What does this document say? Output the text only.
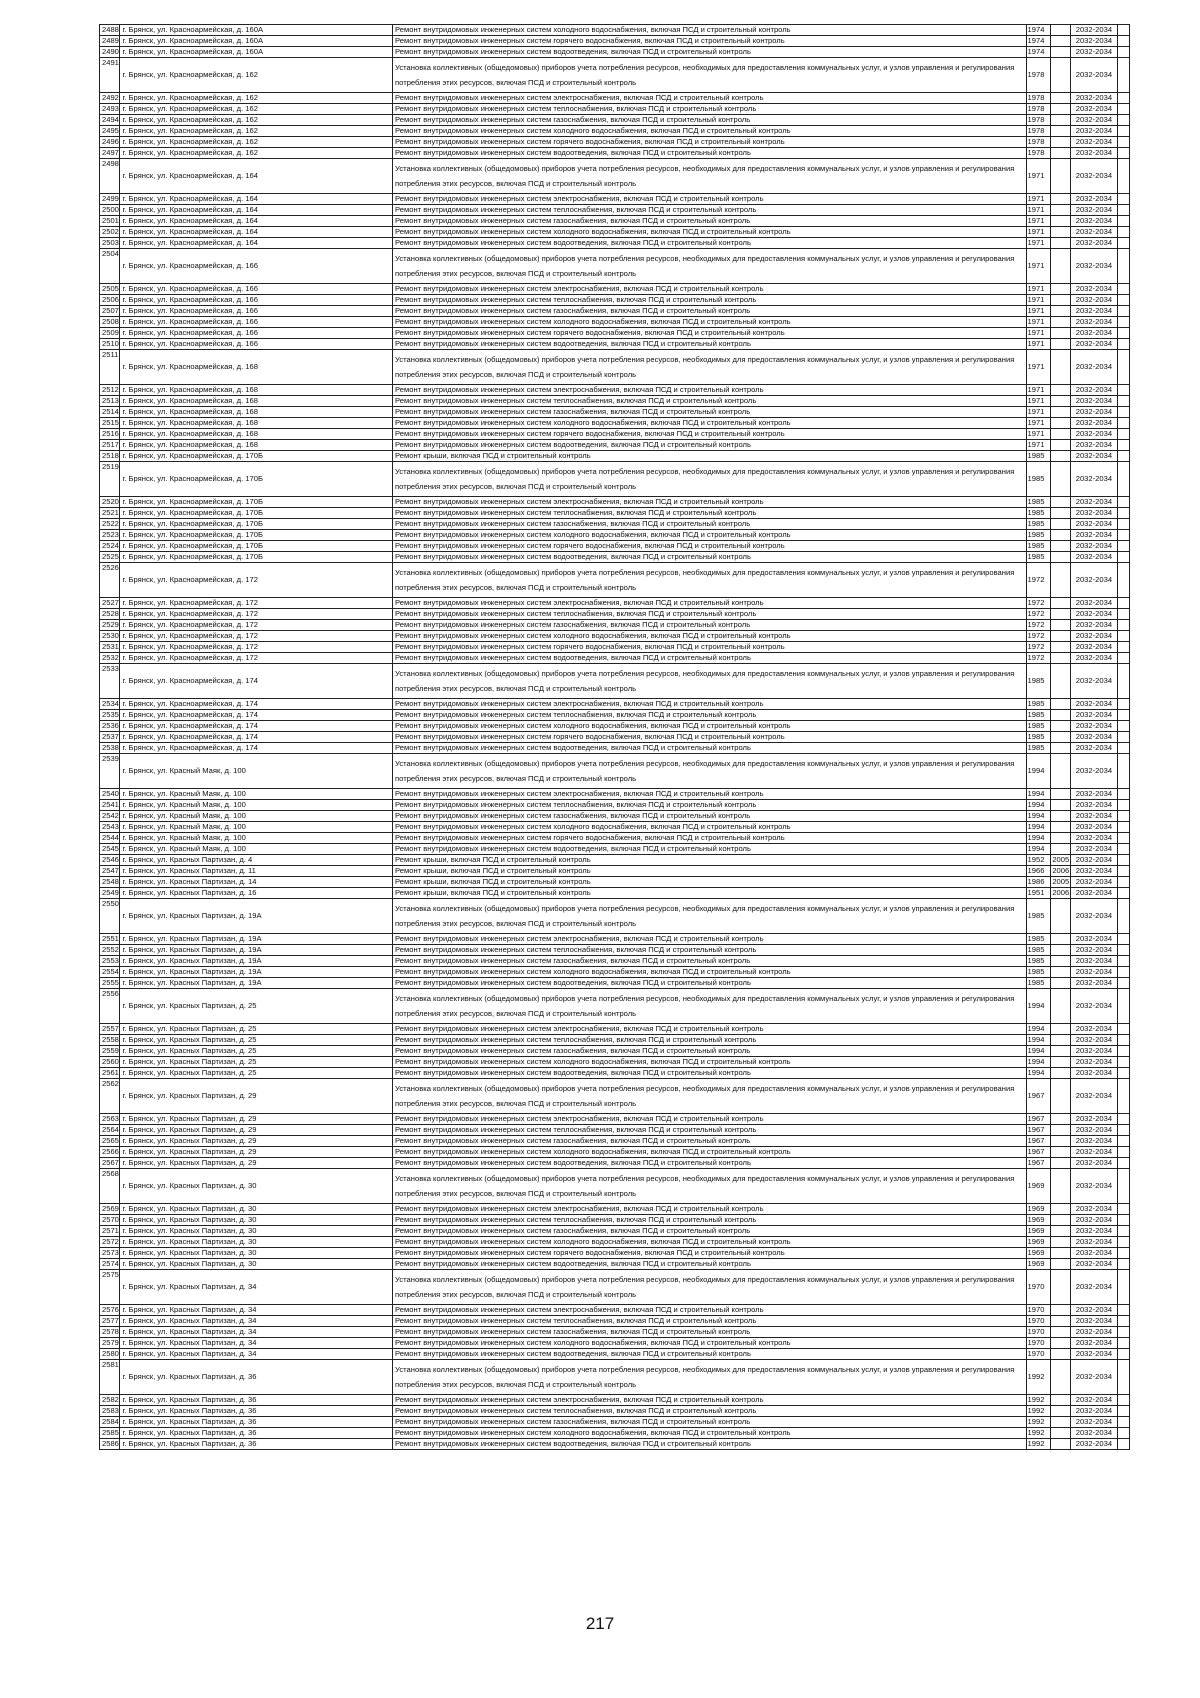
2488	г. Брянск, ул. Красноармейская, д. 160А	Ремонт внутридомовых инженерных систем холодного водоснабжения, включая ПСД и строительный контроль	1974		2032-2034	
2489	г. Брянск, ул. Красноармейская, д. 160А	Ремонт внутридомовых инженерных систем горячего водоснабжения, включая ПСД и строительный контроль	1974		2032-2034	
2490	г. Брянск, ул. Красноармейская, д. 160А	Ремонт внутридомовых инженерных систем водоотведения, включая ПСД и строительный контроль	1974		2032-2034	
2491	г. Брянск, ул. Красноармейская, д. 162	Установка коллективных (общедомовых) приборов учета потребления ресурсов, необходимых для предоставления коммунальных услуг, и узлов управления и регулирования потребления этих ресурсов, включая ПСД и строительный контроль	1978		2032-2034	
2492	г. Брянск, ул. Красноармейская, д. 162	Ремонт внутридомовых инженерных систем электроснабжения, включая ПСД и строительный контроль	1978		2032-2034	
2493	г. Брянск, ул. Красноармейская, д. 162	Ремонт внутридомовых инженерных систем теплоснабжения, включая ПСД и строительный контроль	1978		2032-2034	
2494	г. Брянск, ул. Красноармейская, д. 162	Ремонт внутридомовых инженерных систем газоснабжения, включая ПСД и строительный контроль	1978		2032-2034	
2495	г. Брянск, ул. Красноармейская, д. 162	Ремонт внутридомовых инженерных систем холодного водоснабжения, включая ПСД и строительный контроль	1978		2032-2034	
2496	г. Брянск, ул. Красноармейская, д. 162	Ремонт внутридомовых инженерных систем горячего водоснабжения, включая ПСД и строительный контроль	1978		2032-2034	
2497	г. Брянск, ул. Красноармейская, д. 162	Ремонт внутридомовых инженерных систем водоотведения, включая ПСД и строительный контроль	1978		2032-2034	
2498	г. Брянск, ул. Красноармейская, д. 164	Установка коллективных (общедомовых) приборов учета потребления ресурсов, необходимых для предоставления коммунальных услуг, и узлов управления и регулирования потребления этих ресурсов, включая ПСД и строительный контроль	1971		2032-2034	
2499	г. Брянск, ул. Красноармейская, д. 164	Ремонт внутридомовых инженерных систем электроснабжения, включая ПСД и строительный контроль	1971		2032-2034	
2500	г. Брянск, ул. Красноармейская, д. 164	Ремонт внутридомовых инженерных систем теплоснабжения, включая ПСД и строительный контроль	1971		2032-2034	
2501	г. Брянск, ул. Красноармейская, д. 164	Ремонт внутридомовых инженерных систем газоснабжения, включая ПСД и строительный контроль	1971		2032-2034	
2502	г. Брянск, ул. Красноармейская, д. 164	Ремонт внутридомовых инженерных систем холодного водоснабжения, включая ПСД и строительный контроль	1971		2032-2034	
2503	г. Брянск, ул. Красноармейская, д. 164	Ремонт внутридомовых инженерных систем водоотведения, включая ПСД и строительный контроль	1971		2032-2034	
2504	г. Брянск, ул. Красноармейская, д. 166	Установка коллективных (общедомовых) приборов учета потребления ресурсов, необходимых для предоставления коммунальных услуг, и узлов управления и регулирования потребления этих ресурсов, включая ПСД и строительный контроль	1971		2032-2034	
2505	г. Брянск, ул. Красноармейская, д. 166	Ремонт внутридомовых инженерных систем электроснабжения, включая ПСД и строительный контроль	1971		2032-2034	
2506	г. Брянск, ул. Красноармейская, д. 166	Ремонт внутридомовых инженерных систем теплоснабжения, включая ПСД и строительный контроль	1971		2032-2034	
2507	г. Брянск, ул. Красноармейская, д. 166	Ремонт внутридомовых инженерных систем газоснабжения, включая ПСД и строительный контроль	1971		2032-2034	
2508	г. Брянск, ул. Красноармейская, д. 166	Ремонт внутридомовых инженерных систем холодного водоснабжения, включая ПСД и строительный контроль	1971		2032-2034	
2509	г. Брянск, ул. Красноармейская, д. 166	Ремонт внутридомовых инженерных систем горячего водоснабжения, включая ПСД и строительный контроль	1971		2032-2034	
2510	г. Брянск, ул. Красноармейская, д. 166	Ремонт внутридомовых инженерных систем водоотведения, включая ПСД и строительный контроль	1971		2032-2034	
2511	г. Брянск, ул. Красноармейская, д. 168	Установка коллективных (общедомовых) приборов учета потребления ресурсов, необходимых для предоставления коммунальных услуг, и узлов управления и регулирования потребления этих ресурсов, включая ПСД и строительный контроль	1971		2032-2034	
2512	г. Брянск, ул. Красноармейская, д. 168	Ремонт внутридомовых инженерных систем электроснабжения, включая ПСД и строительный контроль	1971		2032-2034	
2513	г. Брянск, ул. Красноармейская, д. 168	Ремонт внутридомовых инженерных систем теплоснабжения, включая ПСД и строительный контроль	1971		2032-2034	
2514	г. Брянск, ул. Красноармейская, д. 168	Ремонт внутридомовых инженерных систем газоснабжения, включая ПСД и строительный контроль	1971		2032-2034	
2515	г. Брянск, ул. Красноармейская, д. 168	Ремонт внутридомовых инженерных систем холодного водоснабжения, включая ПСД и строительный контроль	1971		2032-2034	
2516	г. Брянск, ул. Красноармейская, д. 168	Ремонт внутридомовых инженерных систем горячего водоснабжения, включая ПСД и строительный контроль	1971		2032-2034	
2517	г. Брянск, ул. Красноармейская, д. 168	Ремонт внутридомовых инженерных систем водоотведения, включая ПСД и строительный контроль	1971		2032-2034	
2518	г. Брянск, ул. Красноармейская, д. 170Б	Ремонт крыши, включая ПСД и строительный контроль	1985		2032-2034	
2519	г. Брянск, ул. Красноармейская, д. 170Б	Установка коллективных (общедомовых) приборов учета потребления ресурсов, необходимых для предоставления коммунальных услуг, и узлов управления и регулирования потребления этих ресурсов, включая ПСД и строительный контроль	1985		2032-2034	
2520	г. Брянск, ул. Красноармейская, д. 170Б	Ремонт внутридомовых инженерных систем электроснабжения, включая ПСД и строительный контроль	1985		2032-2034	
2521	г. Брянск, ул. Красноармейская, д. 170Б	Ремонт внутридомовых инженерных систем теплоснабжения, включая ПСД и строительный контроль	1985		2032-2034	
2522	г. Брянск, ул. Красноармейская, д. 170Б	Ремонт внутридомовых инженерных систем газоснабжения, включая ПСД и строительный контроль	1985		2032-2034	
2523	г. Брянск, ул. Красноармейская, д. 170Б	Ремонт внутридомовых инженерных систем холодного водоснабжения, включая ПСД и строительный контроль	1985		2032-2034	
2524	г. Брянск, ул. Красноармейская, д. 170Б	Ремонт внутридомовых инженерных систем горячего водоснабжения, включая ПСД и строительный контроль	1985		2032-2034	
2525	г. Брянск, ул. Красноармейская, д. 170Б	Ремонт внутридомовых инженерных систем водоотведения, включая ПСД и строительный контроль	1985		2032-2034	
2526	г. Брянск, ул. Красноармейская, д. 172	Установка коллективных (общедомовых) приборов учета потребления ресурсов, необходимых для предоставления коммунальных услуг, и узлов управления и регулирования потребления этих ресурсов, включая ПСД и строительный контроль	1972		2032-2034	
2527	г. Брянск, ул. Красноармейская, д. 172	Ремонт внутридомовых инженерных систем электроснабжения, включая ПСД и строительный контроль	1972		2032-2034	
2528	г. Брянск, ул. Красноармейская, д. 172	Ремонт внутридомовых инженерных систем теплоснабжения, включая ПСД и строительный контроль	1972		2032-2034	
2529	г. Брянск, ул. Красноармейская, д. 172	Ремонт внутридомовых инженерных систем газоснабжения, включая ПСД и строительный контроль	1972		2032-2034	
2530	г. Брянск, ул. Красноармейская, д. 172	Ремонт внутридомовых инженерных систем холодного водоснабжения, включая ПСД и строительный контроль	1972		2032-2034	
2531	г. Брянск, ул. Красноармейская, д. 172	Ремонт внутридомовых инженерных систем горячего водоснабжения, включая ПСД и строительный контроль	1972		2032-2034	
2532	г. Брянск, ул. Красноармейская, д. 172	Ремонт внутридомовых инженерных систем водоотведения, включая ПСД и строительный контроль	1972		2032-2034	
2533	г. Брянск, ул. Красноармейская, д. 174	Установка коллективных (общедомовых) приборов учета потребления ресурсов, необходимых для предоставления коммунальных услуг, и узлов управления и регулирования потребления этих ресурсов, включая ПСД и строительный контроль	1985		2032-2034	
2534	г. Брянск, ул. Красноармейская, д. 174	Ремонт внутридомовых инженерных систем электроснабжения, включая ПСД и строительный контроль	1985		2032-2034	
2535	г. Брянск, ул. Красноармейская, д. 174	Ремонт внутридомовых инженерных систем теплоснабжения, включая ПСД и строительный контроль	1985		2032-2034	
2536	г. Брянск, ул. Красноармейская, д. 174	Ремонт внутридомовых инженерных систем холодного водоснабжения, включая ПСД и строительный контроль	1985		2032-2034	
2537	г. Брянск, ул. Красноармейская, д. 174	Ремонт внутридомовых инженерных систем горячего водоснабжения, включая ПСД и строительный контроль	1985		2032-2034	
2538	г. Брянск, ул. Красноармейская, д. 174	Ремонт внутридомовых инженерных систем водоотведения, включая ПСД и строительный контроль	1985		2032-2034	
2539	г. Брянск, ул. Красный Маяк, д. 100	Установка коллективных (общедомовых) приборов учета потребления ресурсов, необходимых для предоставления коммунальных услуг, и узлов управления и регулирования потребления этих ресурсов, включая ПСД и строительный контроль	1994		2032-2034	
2540	г. Брянск, ул. Красный Маяк, д. 100	Ремонт внутридомовых инженерных систем электроснабжения, включая ПСД и строительный контроль	1994		2032-2034	
2541	г. Брянск, ул. Красный Маяк, д. 100	Ремонт внутридомовых инженерных систем теплоснабжения, включая ПСД и строительный контроль	1994		2032-2034	
2542	г. Брянск, ул. Красный Маяк, д. 100	Ремонт внутридомовых инженерных систем газоснабжения, включая ПСД и строительный контроль	1994		2032-2034	
2543	г. Брянск, ул. Красный Маяк, д. 100	Ремонт внутридомовых инженерных систем холодного водоснабжения, включая ПСД и строительный контроль	1994		2032-2034	
2544	г. Брянск, ул. Красный Маяк, д. 100	Ремонт внутридомовых инженерных систем горячего водоснабжения, включая ПСД и строительный контроль	1994		2032-2034	
2545	г. Брянск, ул. Красный Маяк, д. 100	Ремонт внутридомовых инженерных систем водоотведения, включая ПСД и строительный контроль	1994		2032-2034	
2546	г. Брянск, ул. Красных Партизан, д. 4	Ремонт крыши, включая ПСД и строительный контроль	1952	2005	2032-2034	
2547	г. Брянск, ул. Красных Партизан, д. 11	Ремонт крыши, включая ПСД и строительный контроль	1966	2006	2032-2034	
2548	г. Брянск, ул. Красных Партизан, д. 14	Ремонт крыши, включая ПСД и строительный контроль	1986	2005	2032-2034	
2549	г. Брянск, ул. Красных Партизан, д. 16	Ремонт крыши, включая ПСД и строительный контроль	1951	2006	2032-2034	
2550	г. Брянск, ул. Красных Партизан, д. 19А	Установка коллективных (общедомовых) приборов учета потребления ресурсов, необходимых для предоставления коммунальных услуг, и узлов управления и регулирования потребления этих ресурсов, включая ПСД и строительный контроль	1985		2032-2034	
2551	г. Брянск, ул. Красных Партизан, д. 19А	Ремонт внутридомовых инженерных систем электроснабжения, включая ПСД и строительный контроль	1985		2032-2034	
2552	г. Брянск, ул. Красных Партизан, д. 19А	Ремонт внутридомовых инженерных систем теплоснабжения, включая ПСД и строительный контроль	1985		2032-2034	
2553	г. Брянск, ул. Красных Партизан, д. 19А	Ремонт внутридомовых инженерных систем газоснабжения, включая ПСД и строительный контроль	1985		2032-2034	
2554	г. Брянск, ул. Красных Партизан, д. 19А	Ремонт внутридомовых инженерных систем холодного водоснабжения, включая ПСД и строительный контроль	1985		2032-2034	
2555	г. Брянск, ул. Красных Партизан, д. 19А	Ремонт внутридомовых инженерных систем водоотведения, включая ПСД и строительный контроль	1985		2032-2034	
2556	г. Брянск, ул. Красных Партизан, д. 25	Установка коллективных (общедомовых) приборов учета потребления ресурсов, необходимых для предоставления коммунальных услуг, и узлов управления и регулирования потребления этих ресурсов, включая ПСД и строительный контроль	1994		2032-2034	
2557	г. Брянск, ул. Красных Партизан, д. 25	Ремонт внутридомовых инженерных систем электроснабжения, включая ПСД и строительный контроль	1994		2032-2034	
2558	г. Брянск, ул. Красных Партизан, д. 25	Ремонт внутридомовых инженерных систем теплоснабжения, включая ПСД и строительный контроль	1994		2032-2034	
2559	г. Брянск, ул. Красных Партизан, д. 25	Ремонт внутридомовых инженерных систем газоснабжения, включая ПСД и строительный контроль	1994		2032-2034	
2560	г. Брянск, ул. Красных Партизан, д. 25	Ремонт внутридомовых инженерных систем холодного водоснабжения, включая ПСД и строительный контроль	1994		2032-2034	
2561	г. Брянск, ул. Красных Партизан, д. 25	Ремонт внутридомовых инженерных систем водоотведения, включая ПСД и строительный контроль	1994		2032-2034	
2562	г. Брянск, ул. Красных Партизан, д. 29	Установка коллективных (общедомовых) приборов учета потребления ресурсов, необходимых для предоставления коммунальных услуг, и узлов управления и регулирования потребления этих ресурсов, включая ПСД и строительный контроль	1967		2032-2034	
2563	г. Брянск, ул. Красных Партизан, д. 29	Ремонт внутридомовых инженерных систем электроснабжения, включая ПСД и строительный контроль	1967		2032-2034	
2564	г. Брянск, ул. Красных Партизан, д. 29	Ремонт внутридомовых инженерных систем теплоснабжения, включая ПСД и строительный контроль	1967		2032-2034	
2565	г. Брянск, ул. Красных Партизан, д. 29	Ремонт внутридомовых инженерных систем газоснабжения, включая ПСД и строительный контроль	1967		2032-2034	
2566	г. Брянск, ул. Красных Партизан, д. 29	Ремонт внутридомовых инженерных систем холодного водоснабжения, включая ПСД и строительный контроль	1967		2032-2034	
2567	г. Брянск, ул. Красных Партизан, д. 29	Ремонт внутридомовых инженерных систем водоотведения, включая ПСД и строительный контроль	1967		2032-2034	
2568	г. Брянск, ул. Красных Партизан, д. 30	Установка коллективных (общедомовых) приборов учета потребления ресурсов, необходимых для предоставления коммунальных услуг, и узлов управления и регулирования потребления этих ресурсов, включая ПСД и строительный контроль	1969		2032-2034	
2569	г. Брянск, ул. Красных Партизан, д. 30	Ремонт внутридомовых инженерных систем электроснабжения, включая ПСД и строительный контроль	1969		2032-2034	
2570	г. Брянск, ул. Красных Партизан, д. 30	Ремонт внутридомовых инженерных систем теплоснабжения, включая ПСД и строительный контроль	1969		2032-2034	
2571	г. Брянск, ул. Красных Партизан, д. 30	Ремонт внутридомовых инженерных систем газоснабжения, включая ПСД и строительный контроль	1969		2032-2034	
2572	г. Брянск, ул. Красных Партизан, д. 30	Ремонт внутридомовых инженерных систем холодного водоснабжения, включая ПСД и строительный контроль	1969		2032-2034	
2573	г. Брянск, ул. Красных Партизан, д. 30	Ремонт внутридомовых инженерных систем горячего водоснабжения, включая ПСД и строительный контроль	1969		2032-2034	
2574	г. Брянск, ул. Красных Партизан, д. 30	Ремонт внутридомовых инженерных систем водоотведения, включая ПСД и строительный контроль	1969		2032-2034	
2575	г. Брянск, ул. Красных Партизан, д. 34	Установка коллективных (общедомовых) приборов учета потребления ресурсов, необходимых для предоставления коммунальных услуг, и узлов управления и регулирования потребления этих ресурсов, включая ПСД и строительный контроль	1970		2032-2034	
2576	г. Брянск, ул. Красных Партизан, д. 34	Ремонт внутридомовых инженерных систем электроснабжения, включая ПСД и строительный контроль	1970		2032-2034	
2577	г. Брянск, ул. Красных Партизан, д. 34	Ремонт внутридомовых инженерных систем теплоснабжения, включая ПСД и строительный контроль	1970		2032-2034	
2578	г. Брянск, ул. Красных Партизан, д. 34	Ремонт внутридомовых инженерных систем газоснабжения, включая ПСД и строительный контроль	1970		2032-2034	
2579	г. Брянск, ул. Красных Партизан, д. 34	Ремонт внутридомовых инженерных систем холодного водоснабжения, включая ПСД и строительный контроль	1970		2032-2034	
2580	г. Брянск, ул. Красных Партизан, д. 34	Ремонт внутридомовых инженерных систем водоотведения, включая ПСД и строительный контроль	1970		2032-2034	
2581	г. Брянск, ул. Красных Партизан, д. 36	Установка коллективных (общедомовых) приборов учета потребления ресурсов, необходимых для предоставления коммунальных услуг, и узлов управления и регулирования потребления этих ресурсов, включая ПСД и строительный контроль	1992		2032-2034	
2582	г. Брянск, ул. Красных Партизан, д. 36	Ремонт внутридомовых инженерных систем электроснабжения, включая ПСД и строительный контроль	1992		2032-2034	
2583	г. Брянск, ул. Красных Партизан, д. 36	Ремонт внутридомовых инженерных систем теплоснабжения, включая ПСД и строительный контроль	1992		2032-2034	
2584	г. Брянск, ул. Красных Партизан, д. 36	Ремонт внутридомовых инженерных систем газоснабжения, включая ПСД и строительный контроль	1992		2032-2034	
2585	г. Брянск, ул. Красных Партизан, д. 36	Ремонт внутридомовых инженерных систем холодного водоснабжения, включая ПСД и строительный контроль	1992		2032-2034	
2586	г. Брянск, ул. Красных Партизан, д. 36	Ремонт внутридомовых инженерных систем водоотведения, включая ПСД и строительный контроль	1992		2032-2034	
217
